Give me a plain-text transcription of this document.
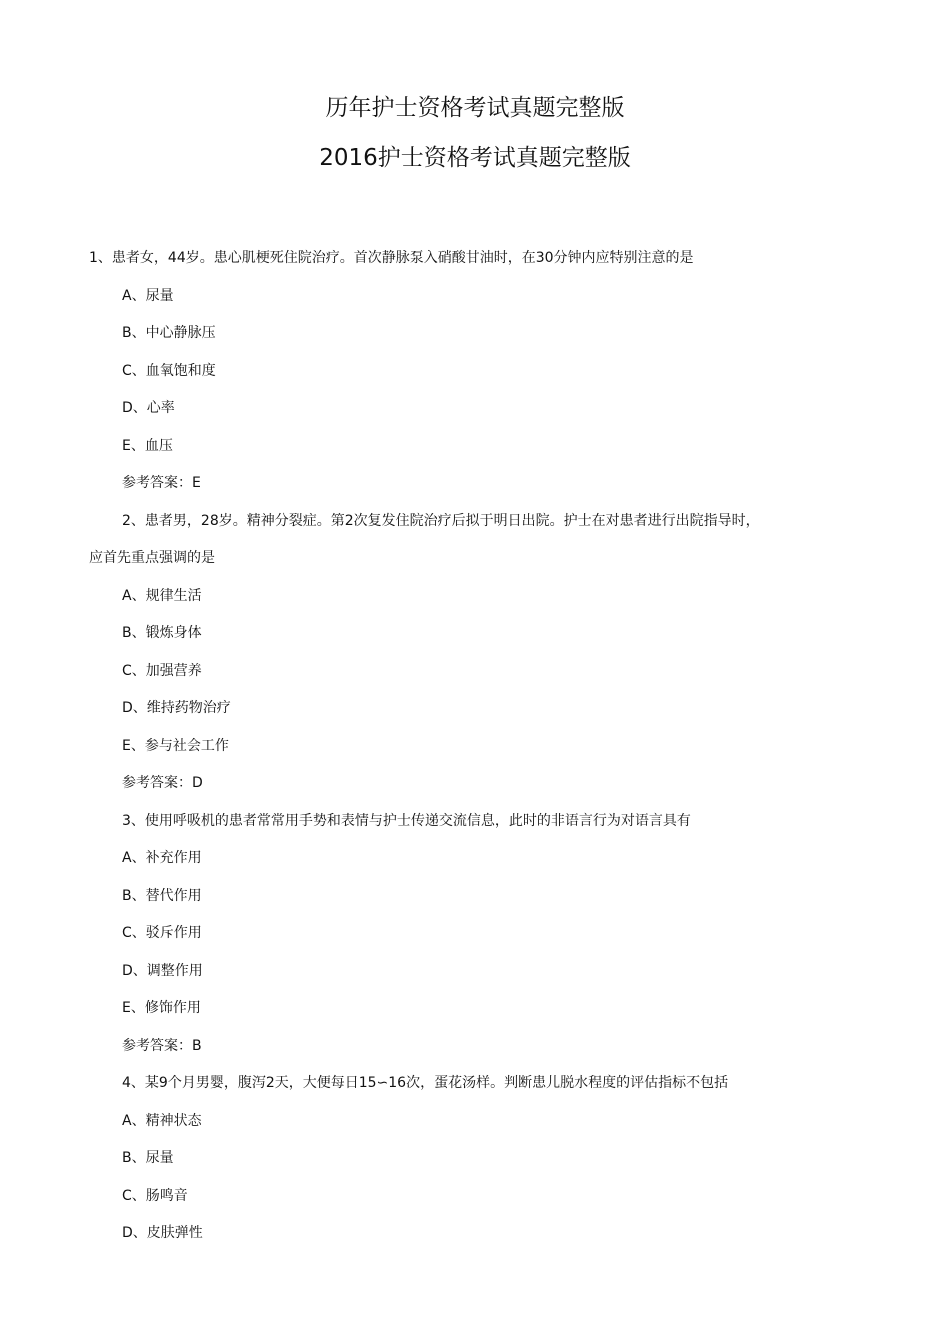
历年护士资格考试真题完整版
2016护士资格考试真题完整版
1、患者女，44岁。患心肌梗死住院治疗。首次静脉泵入硝酸甘油时，在30分钟内应特别注意的是
A、尿量
B、中心静脉压
C、血氧饱和度
D、心率
E、血压
参考答案：E
2、患者男，28岁。精神分裂症。第2次复发住院治疗后拟于明日出院。护士在对患者进行出院指导时，
应首先重点强调的是
A、规律生活
B、锻炼身体
C、加强营养
D、维持药物治疗
E、参与社会工作
参考答案：D
3、使用呼吸机的患者常常用手势和表情与护士传递交流信息，此时的非语言行为对语言具有
A、补充作用
B、替代作用
C、驳斥作用
D、调整作用
E、修饰作用
参考答案：B
4、某9个月男婴，腹泻2天，大便每日15∽16次，蛋花汤样。判断患儿脱水程度的评估指标不包括
A、精神状态
B、尿量
C、肠鸣音
D、皮肤弹性
